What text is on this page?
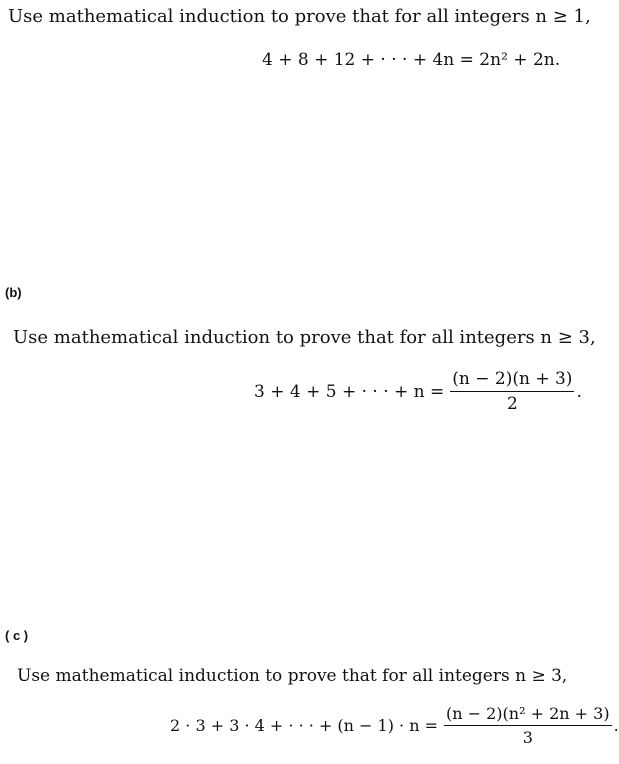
Use mathematical induction to prove that for all integers n ≥ 1,
4 + 8 + 12 + · · · + 4n = 2n² + 2n.
(b)
Use mathematical induction to prove that for all integers n ≥ 3,
3 + 4 + 5 + · · · + $n = \frac{(n - 2)(n + 3)}{2}$ .
( c )
Use mathematical induction to prove that for all integers n ≥ 3,
2 · 3 + 3 · 4 + · · · + $(n - 1) \cdot n = \frac{\text{(n − 2)(n² + 2n + 3)}}{3}$ .
